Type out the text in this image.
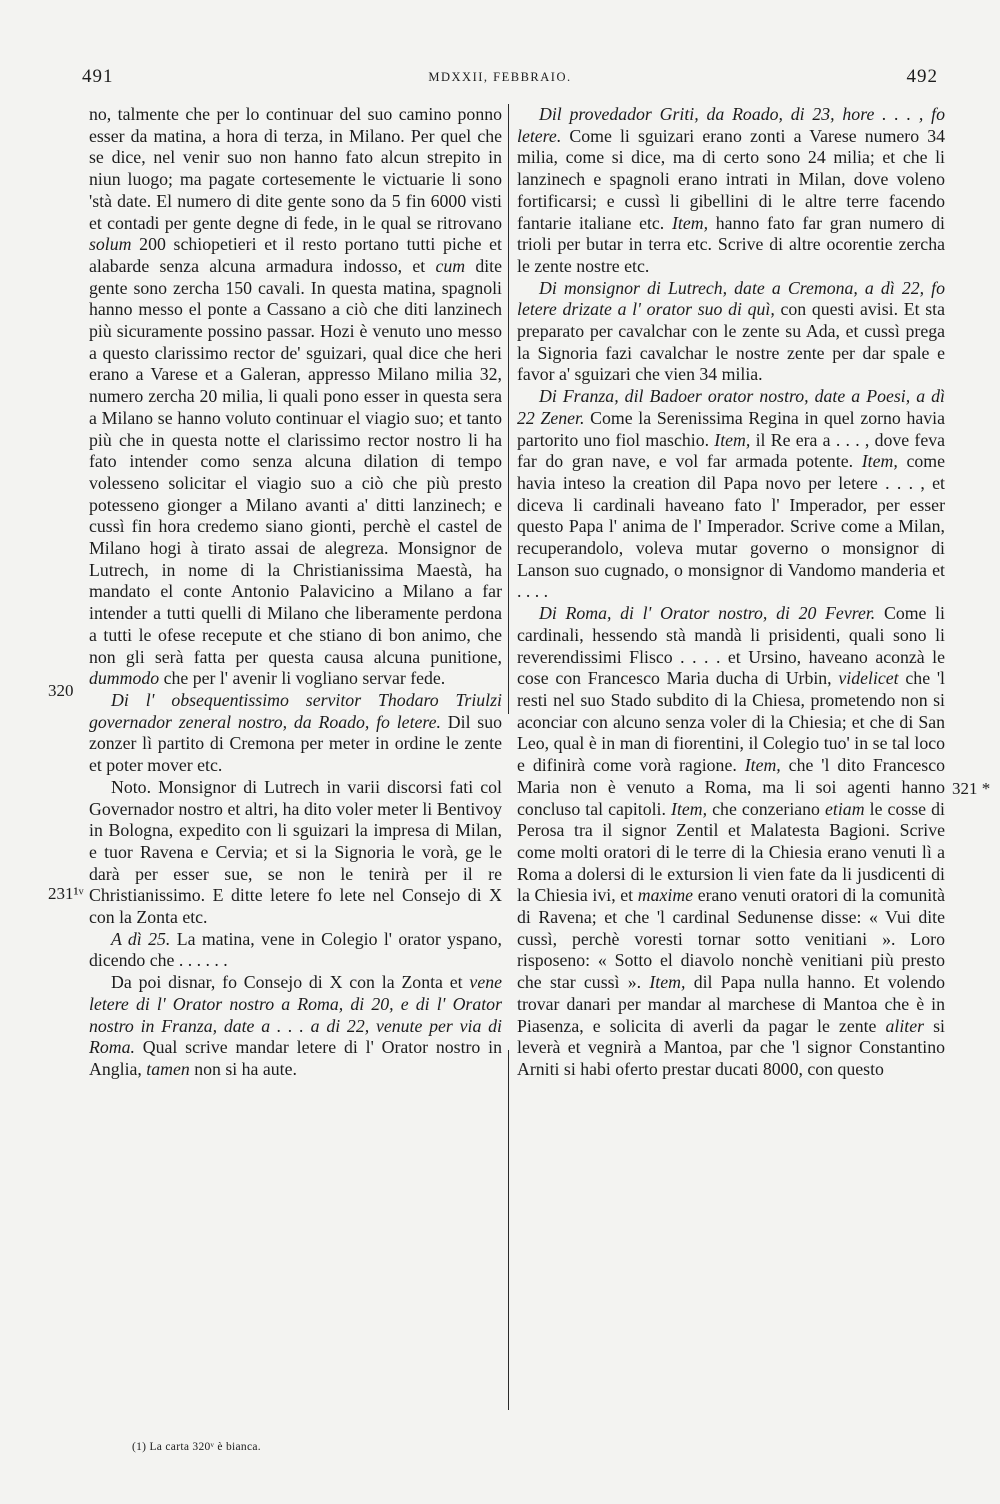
491	MDXXII, FEBBRAIO.	492
320
231¹ᵛ
321 *

no, talmente che per lo continuar del suo camino ponno esser da matina, a hora di terza, in Milano. Per quel che se dice, nel venir suo non hanno fato alcun strepito in niun luogo; ma pagate cortesemente le victuarie li sono 'stà date. El numero di dite gente sono da 5 fin 6000 visti et contadi per gente degne di fede, in le qual se ritrovano solum 200 schiopetieri et il resto portano tutti piche et alabarde senza alcuna armadura indosso, et cum dite gente sono zercha 150 cavali. In questa matina, spagnoli hanno messo el ponte a Cassano a ciò che diti lanzinech più sicuramente possino passar. Hozi è venuto uno messo a questo clarissimo rector de' sguizari, qual dice che heri erano a Varese et a Galeran, appresso Milano milia 32, numero zercha 20 milia, li quali pono esser in questa sera a Milano se hanno voluto continuar el viagio suo; et tanto più che in questa notte el clarissimo rector nostro li ha fato intender como senza alcuna dilation di tempo volesseno solicitar el viagio suo a ciò che più presto potesseno gionger a Milano avanti a' ditti lanzinech; e cussì fin hora credemo siano gionti, perchè el castel de Milano hogi à tirato assai de alegreza. Monsignor de Lutrech, in nome di la Christianissima Maestà, ha mandato el conte Antonio Palavicino a Milano a far intender a tutti quelli di Milano che liberamente perdona a tutti le ofese recepute et che stiano di bon animo, che non gli serà fatta per questa causa alcuna punitione, dummodo che per l' avenir li vogliano servar fede.

Di l' obsequentissimo servitor Thodaro Triulzi governador zeneral nostro, da Roado, fo letere. Dil suo zonzer lì partito di Cremona per meter in ordine le zente et poter mover etc.

Noto. Monsignor di Lutrech in varii discorsi fati col Governador nostro et altri, ha dito voler meter li Bentivoy in Bologna, expedito con li sguizari la impresa di Milan, e tuor Ravena e Cervia; et si la Signoria le vorà, ge le darà per esser sue, se non le tenirà per il re Christianissimo. E ditte letere fo lete nel Consejo di X con la Zonta etc.

A dì 25. La matina, vene in Colegio l' orator yspano, dicendo che . . . . . .

Da poi disnar, fo Consejo di X con la Zonta et vene letere di l' Orator nostro a Roma, di 20, e di l' Orator nostro in Franza, date a . . . a di 22, venute per via di Roma. Qual scrive mandar letere di l' Orator nostro in Anglia, tamen non si ha aute.

Dil provedador Griti, da Roado, di 23, hore . . . , fo letere. Come li sguizari erano zonti a Varese numero 34 milia, come si dice, ma di certo sono 24 milia; et che li lanzinech e spagnoli erano intrati in Milan, dove voleno fortificarsi; e cussì li gibellini di le altre terre facendo fantarie italiane etc. Item, hanno fato far gran numero di trioli per butar in terra etc. Scrive di altre ocorentie zercha le zente nostre etc.

Di monsignor di Lutrech, date a Cremona, a dì 22, fo letere drizate a l' orator suo di quì, con questi avisi. Et sta preparato per cavalchar con le zente su Ada, et cussì prega la Signoria fazi cavalchar le nostre zente per dar spale e favor a' sguizari che vien 34 milia.

Di Franza, dil Badoer orator nostro, date a Poesi, a dì 22 Zener. Come la Serenissima Regina in quel zorno havia partorito uno fiol maschio. Item, il Re era a . . . , dove feva far do gran nave, e vol far armada potente. Item, come havia inteso la creation dil Papa novo per letere . . . , et diceva li cardinali haveano fato l' Imperador, per esser questo Papa l' anima de l' Imperador. Scrive come a Milan, recuperandolo, voleva mutar governo o monsignor di Lanson suo cugnado, o monsignor di Vandomo manderia et . . . .

Di Roma, di l' Orator nostro, di 20 Fevrer. Come li cardinali, hessendo stà mandà li prisidenti, quali sono li reverendissimi Flisco . . . . et Ursino, haveano aconzà le cose con Francesco Maria ducha di Urbin, videlicet che 'l resti nel suo Stado subdito di la Chiesa, prometendo non si aconciar con alcuno senza voler di la Chiesia; et che di San Leo, qual è in man di fiorentini, il Colegio tuo' in se tal loco e difinirà come vorà ragione. Item, che 'l dito Francesco Maria non è venuto a Roma, ma li soi agenti hanno concluso tal capitoli. Item, che conzeriano etiam le cosse di Perosa tra il signor Zentil et Malatesta Bagioni. Scrive come molti oratori di le terre di la Chiesia erano venuti lì a Roma a dolersi di le extursion li vien fate da li jusdicenti di la Chiesia ivi, et maxime erano venuti oratori di la comunità di Ravena; et che 'l cardinal Sedunense disse: « Vui dite cussì, perchè voresti tornar sotto venitiani ». Loro risposeno: « Sotto el diavolo nonchè venitiani più presto che star cussì ». Item, dil Papa nulla hanno. Et volendo trovar danari per mandar al marchese di Mantoa che è in Piasenza, e solicita di averli da pagar le zente aliter si leverà et vegnirà a Mantoa, par che 'l signor Constantino Arniti si habi oferto prestar ducati 8000, con questo

(1) La carta 320ᵛ è bianca.
